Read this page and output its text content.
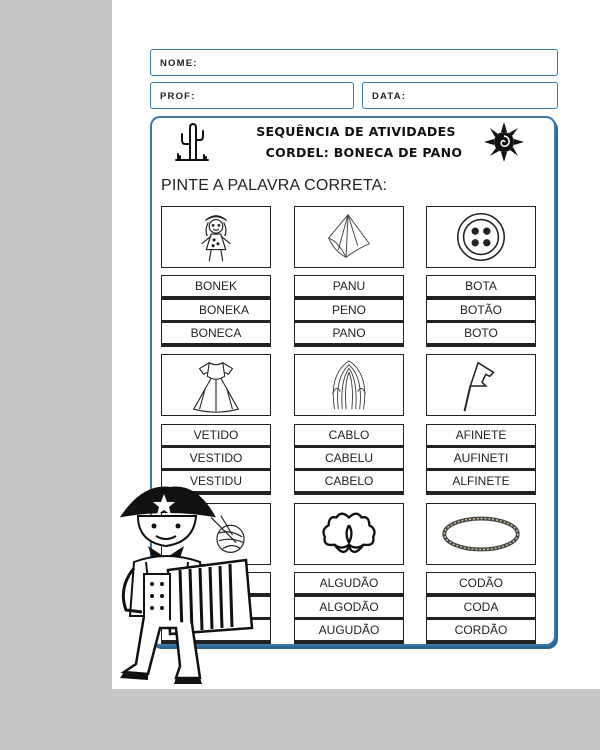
NOME:
PROF:	DATA:
SEQUÊNCIA DE ATIVIDADES
CORDEL: BONECA DE PANO
PINTE A PALAVRA CORRETA:
BONEK
BONEKA
BONECA
PANU
PENO
PANO
BOTA
BOTÃO
BOTO
VETIDO
VESTIDO
VESTIDU
CABLO
CABELU
CABELO
AFINETE
AUFINETI
ALFINETE
ALGUDÃO
ALGODÃO
AUGUDÃO
CODÃO
CODA
CORDÃO
